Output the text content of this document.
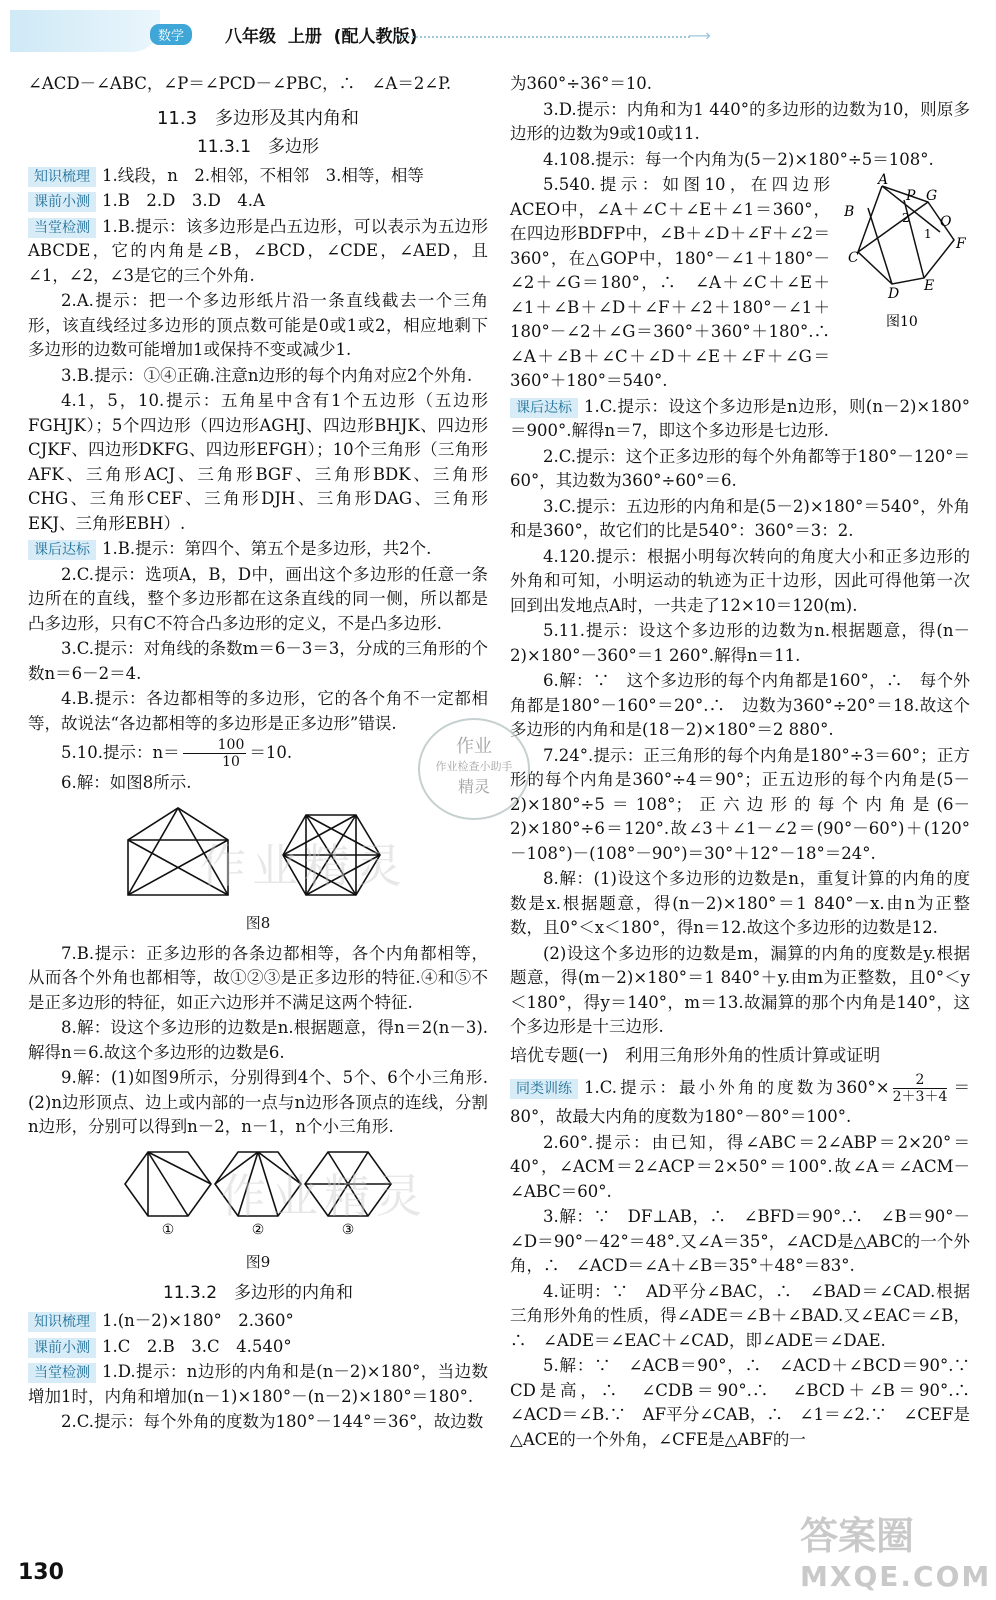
数学	八年级  上册  (配人教版)	⟶

∠ACD－∠ABC，∠P＝∠PCD－∠PBC，∴　∠A＝2∠P.

11.3　多边形及其内角和
11.3.1　多边形

知识梳理 1.线段，n　2.相邻，不相邻　3.相等，相等

课前小测 1.B　2.D　3.D　4.A

当堂检测 1.B.提示：该多边形是凸五边形，可以表示为五边形ABCDE，它的内角是∠B，∠BCD，∠CDE，∠AED，且∠1，∠2，∠3是它的三个外角.

2.A.提示：把一个多边形纸片沿一条直线截去一个三角形，该直线经过多边形的顶点数可能是0或1或2，相应地剩下多边形的边数可能增加1或保持不变或减少1.

3.B.提示：①④正确.注意n边形的每个内角对应2个外角.

4.1，5，10.提示：五角星中含有1个五边形（五边形FGHJK）；5个四边形（四边形AGHJ、四边形BHJK、四边形CJKF、四边形DKFG、四边形EFGH）；10个三角形（三角形AFK、三角形ACJ、三角形BGF、三角形BDK、三角形CHG、三角形CEF、三角形DJH、三角形DAG、三角形EKJ、三角形EBH）.

课后达标 1.B.提示：第四个、第五个是多边形，共2个.

2.C.提示：选项A，B，D中，画出这个多边形的任意一条边所在的直线，整个多边形都在这条直线的同一侧，所以都是凸多边形，只有C不符合凸多边形的定义，不是凸多边形.

3.C.提示：对角线的条数m＝6－3＝3，分成的三角形的个数n＝6－2＝4.

4.B.提示：各边都相等的多边形，它的各个角不一定都相等，故说法“各边都相等的多边形是正多边形”错误.

5.10.提示：$n= \frac{100}{10} =10$.

6.解：如图8所示.

图8

7.B.提示：正多边形的各条边都相等，各个内角都相等，从而各个外角也都相等，故①②③是正多边形的特征.④和⑤不是正多边形的特征，如正六边形并不满足这两个特征.

8.解：设这个多边形的边数是n.根据题意，得n＝2(n－3).解得n＝6.故这个多边形的边数是6.

9.解：(1)如图9所示，分别得到4个、5个、6个小三角形.　(2)n边形顶点、边上或内部的一点与n边形各顶点的连线，分割n边形，分别可以得到n－2，n－1，n个小三角形.

①	②	③
图9
11.3.2　多边形的内角和

知识梳理 1.(n－2)×180°　2.360°

课前小测 1.C　2.B　3.C　4.540°

当堂检测 1.D.提示：n边形的内角和是(n－2)×180°，当边数增加1时，内角和增加(n－1)×180°－(n－2)×180°＝180°.

2.C.提示：每个外角的度数为180°－144°＝36°，故边数

为360°÷36°＝10.

3.D.提示：内角和为1 440°的多边形的边数为10，则原多边形的边数为9或10或11.

4.108.提示：每一个内角为(5－2)×180°÷5＝108°.

5.540.提示：如图10，在四边形ACEO中，∠A＋∠C＋∠E＋∠1＝360°，在四边形BDFP中，∠B＋∠D＋∠F＋∠2＝360°，在△GOP中，180°－∠1＋180°－∠2＋∠G＝180°，∴　∠A＋∠C＋∠E＋∠1＋∠B＋∠D＋∠F＋∠2＋180°－∠1＋180°－∠2＋∠G＝360°＋360°＋180°.∴　∠A＋∠B＋∠C＋∠D＋∠E＋∠F＋∠G＝360°＋180°＝540°.

课后达标 1.C.提示：设这个多边形是n边形，则(n－2)×180°＝900°.解得n＝7，即这个多边形是七边形.

2.C.提示：这个正多边形的每个外角都等于180°－120°＝60°，其边数为360°÷60°＝6.

3.C.提示：五边形的内角和是(5－2)×180°＝540°，外角和是360°，故它们的比是540°：360°＝3：2.

4.120.提示：根据小明每次转向的角度大小和正多边形的外角和可知，小明运动的轨迹为正十边形，因此可得他第一次回到出发地点A时，一共走了12×10＝120(m).

5.11.提示：设这个多边形的边数为n.根据题意，得(n－2)×180°－360°＝1 260°.解得n＝11.

6.解：∵　这个多边形的每个内角都是160°，∴　每个外角都是180°－160°＝20°.∴　边数为360°÷20°＝18.故这个多边形的内角和是(18－2)×180°＝2 880°.

7.24°.提示：正三角形的每个内角是180°÷3＝60°；正方形的每个内角是360°÷4＝90°；正五边形的每个内角是(5－2)×180°÷5＝108°；正六边形的每个内角是(6－2)×180°÷6＝120°.故∠3＋∠1－∠2＝(90°－60°)＋(120°－108°)－(108°－90°)＝30°＋12°－18°＝24°.

8.解：(1)设这个多边形的边数是n，重复计算的内角的度数是x.根据题意，得(n－2)×180°＝1 840°－x.由n为正整数，且0°＜x＜180°，得n＝12.故这个多边形的边数是12.

(2)设这个多边形的边数是m，漏算的内角的度数是y.根据题意，得(m－2)×180°＝1 840°＋y.由m为正整数，且0°＜y＜180°，得y＝140°，m＝13.故漏算的那个内角是140°，这个多边形是十三边形.

培优专题(一)　利用三角形外角的性质计算或证明

同类训练 1.C.提示：最小外角的度数为$360^\circ\times \frac{2}{2+3+4} =80^\circ$，故最大内角的度数为180°－80°＝100°.

2.60°.提示：由已知，得∠ABC＝2∠ABP＝2×20°＝40°，∠ACM＝2∠ACP＝2×50°＝100°.故∠A＝∠ACM－∠ABC＝60°.

3.解：∵　DF⊥AB，∴　∠BFD＝90°.∴　∠B＝90°－∠D＝90°－42°＝48°.又∠A＝35°，∠ACD是△ABC的一个外角，∴　∠ACD＝∠A＋∠B＝35°＋48°＝83°.

4.证明：∵　AD平分∠BAC，∴　∠BAD＝∠CAD.根据三角形外角的性质，得∠ADE＝∠B＋∠BAD.又∠EAC＝∠B，∴　∠ADE＝∠EAC＋∠CAD，即∠ADE＝∠DAE.

5.解：∵　∠ACB＝90°，∴　∠ACD＋∠BCD＝90°.∵　CD是高，∴　∠CDB＝90°.∴　∠BCD＋∠B＝90°.∴　∠ACD＝∠B.∵　AF平分∠CAB，∴　∠1＝∠2.∵　∠CEF是△ACE的一个外角，∠CFE是△ABF的一

A
P
B
G
O
2
1
F
C
E
D
图10
作业
作业检查小助手
精灵
作业精灵
作业精灵
答案圈
MXQE.COM
130
